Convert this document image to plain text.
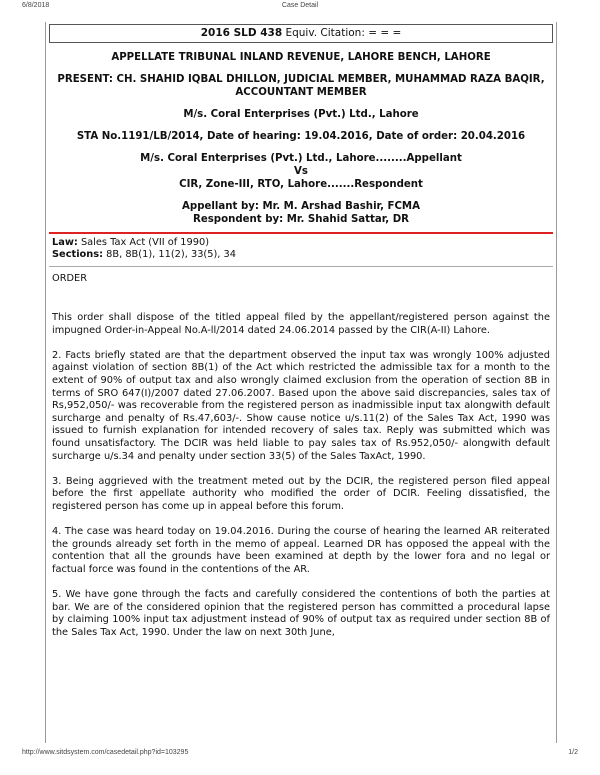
6/8/2018	Case Detail
2016 SLD 438 Equiv. Citation: = = =
APPELLATE TRIBUNAL INLAND REVENUE, LAHORE BENCH, LAHORE
PRESENT: CH. SHAHID IQBAL DHILLON, JUDICIAL MEMBER, MUHAMMAD RAZA BAQIR, ACCOUNTANT MEMBER
M/s. Coral Enterprises (Pvt.) Ltd., Lahore
STA No.1191/LB/2014, Date of hearing: 19.04.2016, Date of order: 20.04.2016
M/s. Coral Enterprises (Pvt.) Ltd., Lahore........Appellant
Vs
CIR, Zone-III, RTO, Lahore.......Respondent
Appellant by: Mr. M. Arshad Bashir, FCMA
Respondent by: Mr. Shahid Sattar, DR
Law: Sales Tax Act (VII of 1990)
Sections: 8B, 8B(1), 11(2), 33(5), 34
ORDER

This order shall dispose of the titled appeal filed by the appellant/registered person against the impugned Order-in-Appeal No.A-ll/2014 dated 24.06.2014 passed by the CIR(A-II) Lahore.

2. Facts briefly stated are that the department observed the input tax was wrongly 100% adjusted against violation of section 8B(1) of the Act which restricted the admissible tax for a month to the extent of 90% of output tax and also wrongly claimed exclusion from the operation of section 8B in terms of SRO 647(I)/2007 dated 27.06.2007. Based upon the above said discrepancies, sales tax of Rs,952,050/- was recoverable from the registered person as inadmissible input tax alongwith default surcharge and penalty of Rs.47,603/-. Show cause notice u/s.11(2) of the Sales Tax Act, 1990 was issued to furnish explanation for intended recovery of sales tax. Reply was submitted which was found unsatisfactory. The DCIR was held liable to pay sales tax of Rs.952,050/- alongwith default surcharge u/s.34 and penalty under section 33(5) of the Sales TaxAct, 1990.

3. Being aggrieved with the treatment meted out by the DCIR, the registered person filed appeal before the first appellate authority who modified the order of DCIR. Feeling dissatisfied, the registered person has come up in appeal before this forum.

4. The case was heard today on 19.04.2016. During the course of hearing the learned AR reiterated the grounds already set forth in the memo of appeal. Learned DR has opposed the appeal with the contention that all the grounds have been examined at depth by the lower fora and no legal or factual force was found in the contentions of the AR.

5. We have gone through the facts and carefully considered the contentions of both the parties at bar. We are of the considered opinion that the registered person has committed a procedural lapse by claiming 100% input tax adjustment instead of 90% of output tax as required under section 8B of the Sales Tax Act, 1990. Under the law on next 30th June,

http://www.sitdsystem.com/casedetail.php?id=103295	1/2
